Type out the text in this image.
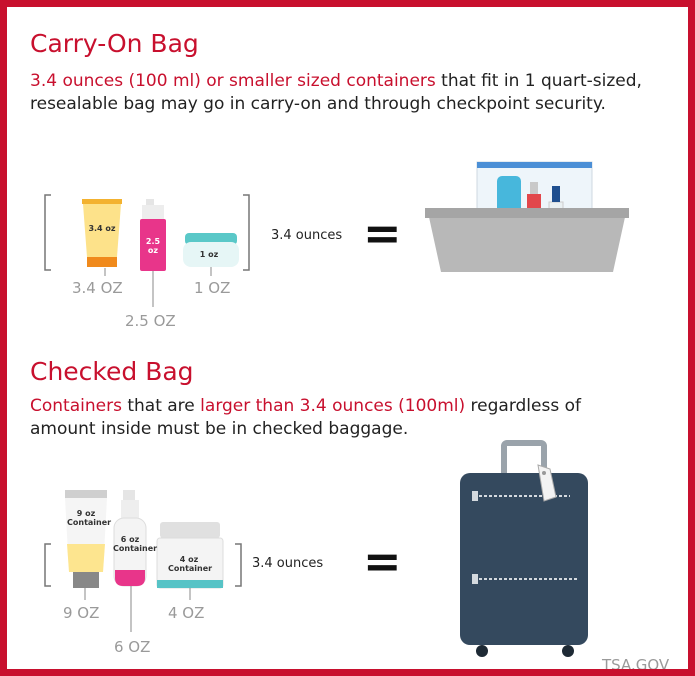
Carry-On Bag
3.4 ounces (100 ml) or smaller sized containers that fit in 1 quart-sized,
resealable bag may go in carry-on and through checkpoint security.
3.4 oz
2.5 oz	1 oz
3.4 OZ
2.5 OZ
1 OZ
3.4 ounces =
Checked Bag
Containers that are larger than 3.4 ounces (100ml) regardless of
amount inside must be in checked baggage.
9 oz
Container
6 oz
Container
4 oz
Container
9 OZ
6 OZ
4 OZ
3.4 ounces =
TSA.GOV
